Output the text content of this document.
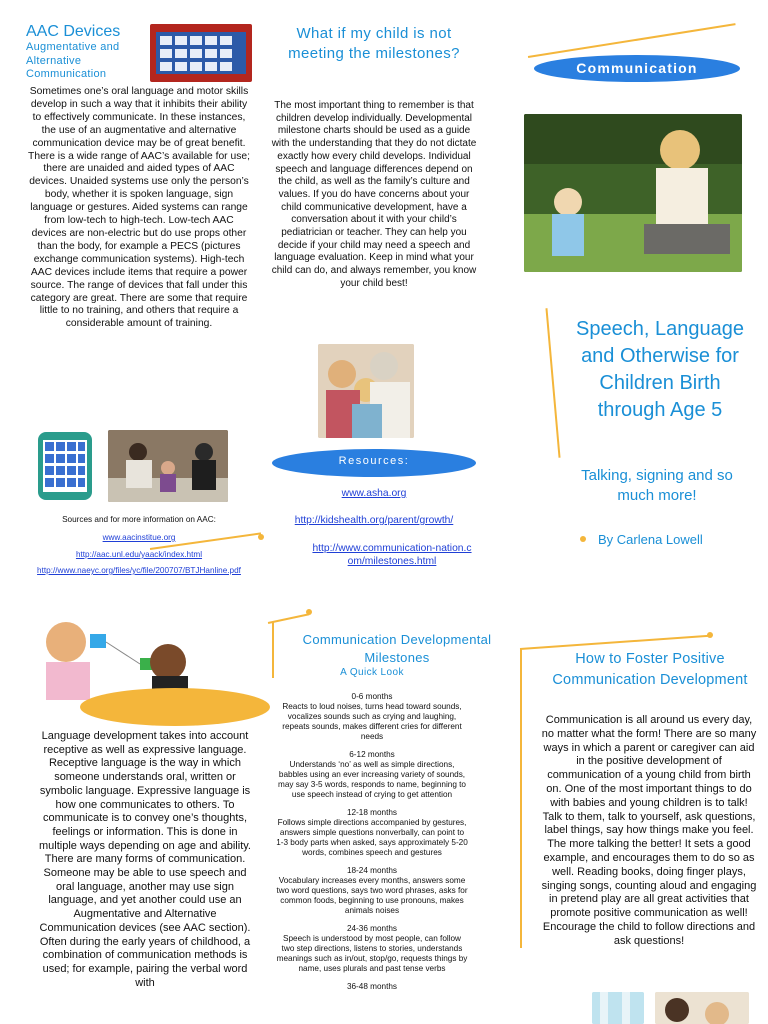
AAC Devices
Augmentative and Alternative Communication
Sometimes one’s oral language and motor skills develop in such a way that it inhibits their ability to effectively communicate. In these instances, the use of an augmentative and alternative communication device may be of great benefit. There is a wide range of AAC’s available for use; there are unaided and aided types of AAC devices. Unaided systems use only the person’s body, whether it is spoken language, sign language or gestures. Aided systems can range from low-tech to high-tech. Low-tech AAC devices are non-electric but do use props other than the body, for example a PECS (pictures exchange communication systems). High-tech AAC devices include items that require a power source. The range of devices that fall under this category are great. There are some that require little to no training, and others that require a considerable amount of training.
Sources and for more information on AAC:
www.aacinstitue.org
http://aac.unl.edu/yaack/index.html
http://www.naeyc.org/files/yc/file/200707/BTJHanline.pdf
What if my child is not meeting the milestones?
The most important thing to remember is that children develop individually. Developmental milestone charts should be used as a guide with the understanding that they do not dictate exactly how every child develops. Individual speech and language differences depend on the child, as well as the family’s culture and values. If you do have concerns about your child communicative development, have a conversation about it with your child’s pediatrician or teacher. They can help you decide if your child may need a speech and language evaluation. Keep in mind what your child can do, and always remember, you know your child best!
Resources:
www.asha.org
http://kidshealth.org/parent/growth/
http://www.communication-nation.com/milestones.html
Communication
Speech, Language and Otherwise for Children Birth through Age 5
Talking, signing and so much more!
By Carlena Lowell
Language development takes into account receptive as well as expressive language. Receptive language is the way in which someone understands oral, written or symbolic language. Expressive language is how one communicates to others. To communicate is to convey one’s thoughts, feelings or information. This is done in multiple ways depending on age and ability. There are many forms of communication. Someone may be able to use speech and oral language, another may use sign language, and yet another could use an Augmentative and Alternative Communication devices (see AAC section). Often during the early years of childhood, a combination of communication methods is used; for example, pairing the verbal word with
Communication Developmental Milestones
A Quick Look
0-6 months
Reacts to loud noises, turns head toward sounds, vocalizes sounds such as crying and laughing, repeats sounds, makes different cries for different needs
6-12 months
Understands ‘no’ as well as simple directions, babbles using an ever increasing variety of sounds, may say 3-5 words, responds to name, beginning to use speech instead of crying to get attention
12-18 months
Follows simple directions accompanied by gestures, answers simple questions nonverbally, can point to 1-3 body parts when asked, says approximately 5-20 words, combines speech and gestures
18-24 months
Vocabulary increases every months, answers some two word questions, says two word phrases, asks for common foods, beginning to use pronouns, makes animals noises
24-36 months
Speech is understood by most people, can follow two step directions, listens to stories, understands meanings such as in/out, stop/go, requests things by name, uses plurals and past tense verbs
36-48 months
How to Foster Positive Communication Development
Communication is all around us every day, no matter what the form! There are so many ways in which a parent or caregiver can aid in the positive development of communication of a young child from birth on. One of the most important things to do with babies and young children is to talk! Talk to them, talk to yourself, ask questions, label things, say how things make you feel. The more talking the better! It sets a good example, and encourages them to do so as well. Reading books, doing finger plays, singing songs, counting aloud and engaging in pretend play are all great activities that promote positive communication as well! Encourage the child to follow directions and ask questions!
